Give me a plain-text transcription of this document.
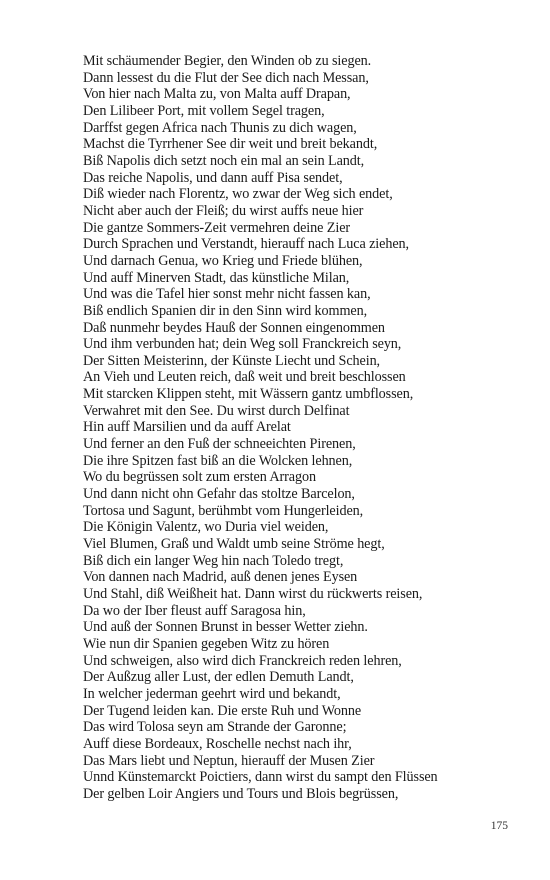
Mit schäumender Begier, den Winden ob zu siegen.
Dann lessest du die Flut der See dich nach Messan,
Von hier nach Malta zu, von Malta auff Drapan,
Den Lilibeer Port, mit vollem Segel tragen,
Darffst gegen Africa nach Thunis zu dich wagen,
Machst die Tyrrhener See dir weit und breit bekandt,
Biß Napolis dich setzt noch ein mal an sein Landt,
Das reiche Napolis, und dann auff Pisa sendet,
Diß wieder nach Florentz, wo zwar der Weg sich endet,
Nicht aber auch der Fleiß; du wirst auffs neue hier
Die gantze Sommers-Zeit vermehren deine Zier
Durch Sprachen und Verstandt, hierauff nach Luca ziehen,
Und darnach Genua, wo Krieg und Friede blühen,
Und auff Minerven Stadt, das künstliche Milan,
Und was die Tafel hier sonst mehr nicht fassen kan,
Biß endlich Spanien dir in den Sinn wird kommen,
Daß nunmehr beydes Hauß der Sonnen eingenommen
Und ihm verbunden hat; dein Weg soll Franckreich seyn,
Der Sitten Meisterinn, der Künste Liecht und Schein,
An Vieh und Leuten reich, daß weit und breit beschlossen
Mit starcken Klippen steht, mit Wässern gantz umbflossen,
Verwahret mit den See. Du wirst durch Delfinat
Hin auff Marsilien und da auff Arelat
Und ferner an den Fuß der schneeichten Pirenen,
Die ihre Spitzen fast biß an die Wolcken lehnen,
Wo du begrüssen solt zum ersten Arragon
Und dann nicht ohn Gefahr das stoltze Barcelon,
Tortosa und Sagunt, berühmbt vom Hungerleiden,
Die Königin Valentz, wo Duria viel weiden,
Viel Blumen, Graß und Waldt umb seine Ströme hegt,
Biß dich ein langer Weg hin nach Toledo tregt,
Von dannen nach Madrid, auß denen jenes Eysen
Und Stahl, diß Weißheit hat. Dann wirst du rückwerts reisen,
Da wo der Iber fleust auff Saragosa hin,
Und auß der Sonnen Brunst in besser Wetter ziehn.
Wie nun dir Spanien gegeben Witz zu hören
Und schweigen, also wird dich Franckreich reden lehren,
Der Außzug aller Lust, der edlen Demuth Landt,
In welcher jederman geehrt wird und bekandt,
Der Tugend leiden kan. Die erste Ruh und Wonne
Das wird Tolosa seyn am Strande der Garonne;
Auff diese Bordeaux, Roschelle nechst nach ihr,
Das Mars liebt und Neptun, hierauff der Musen Zier
Unnd Künstemarckt Poictiers, dann wirst du sampt den Flüssen
Der gelben Loir Angiers und Tours und Blois begrüssen,
175
